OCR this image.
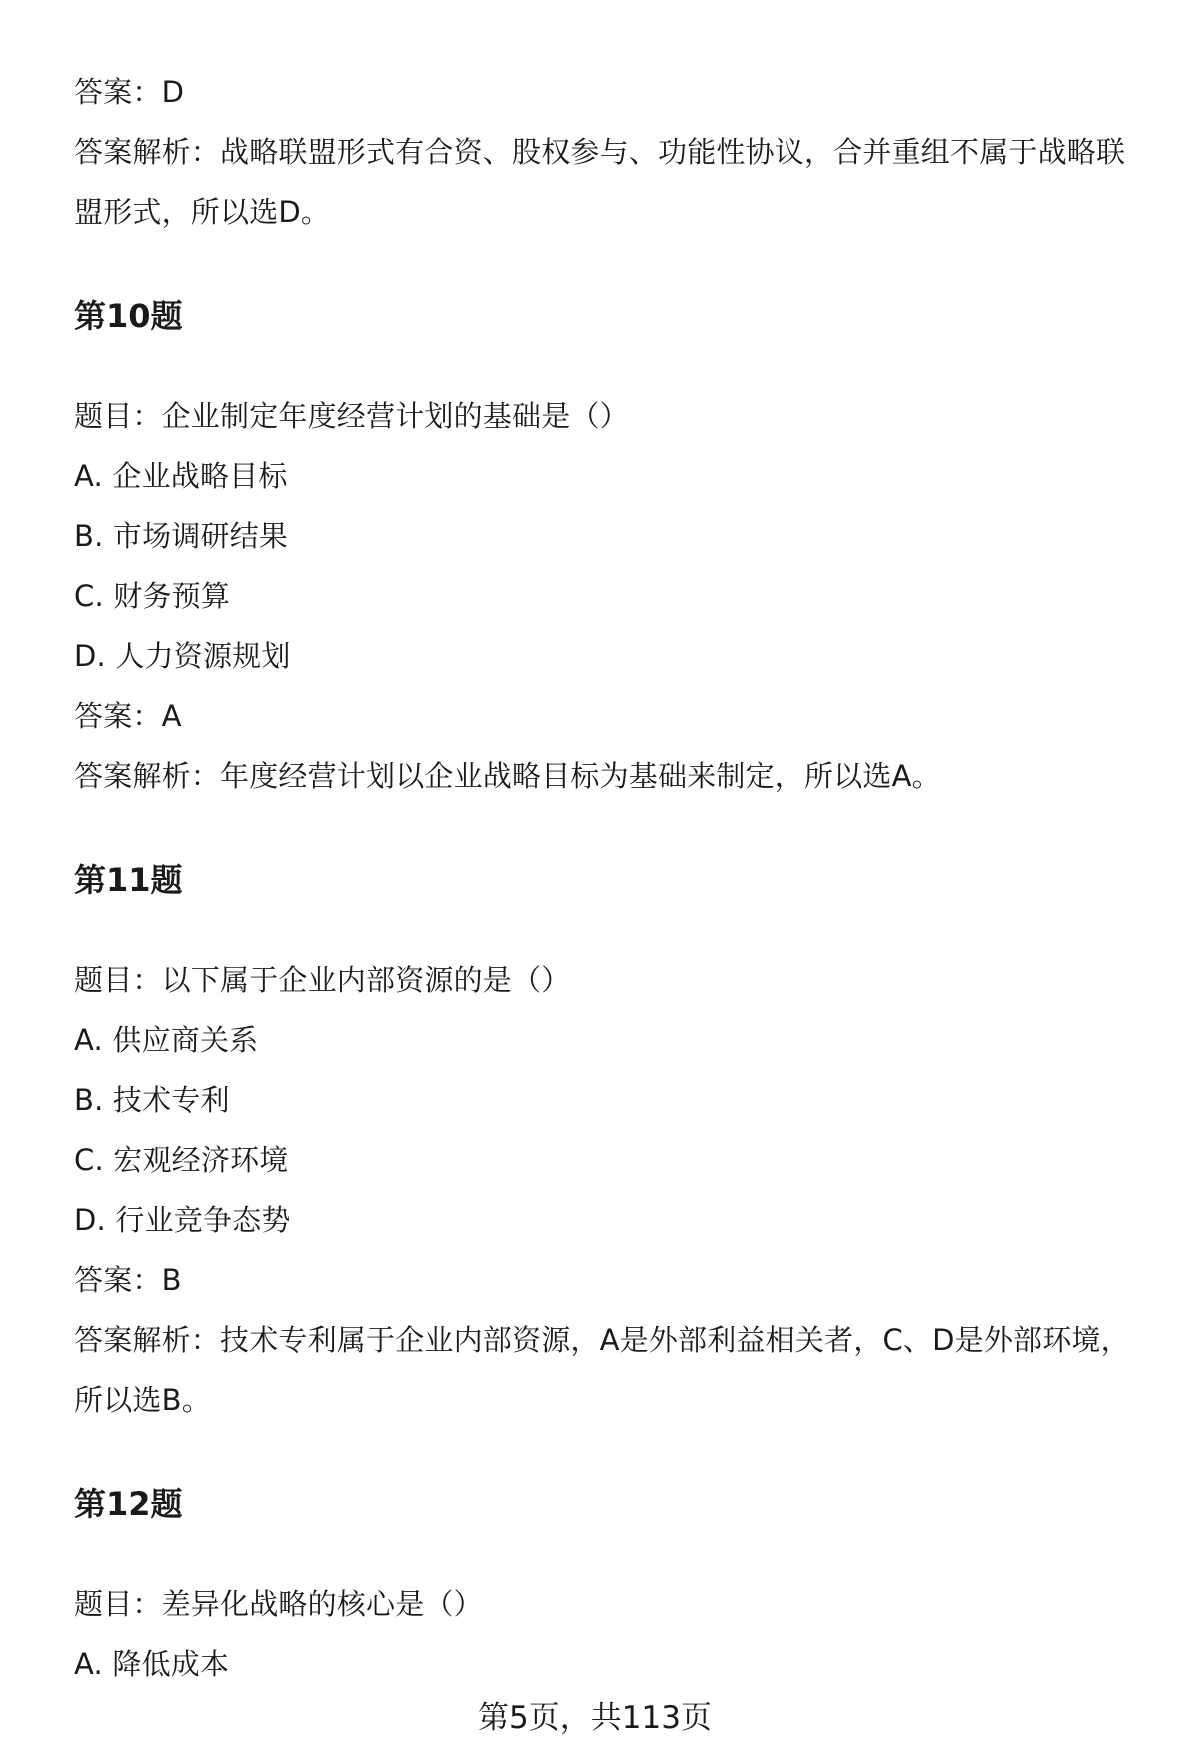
答案：D
答案解析：战略联盟形式有合资、股权参与、功能性协议，合并重组不属于战略联
盟形式，所以选D。
第10题
题目：企业制定年度经营计划的基础是（）
A. 企业战略目标
B. 市场调研结果
C. 财务预算
D. 人力资源规划
答案：A
答案解析：年度经营计划以企业战略目标为基础来制定，所以选A。
第11题
题目：以下属于企业内部资源的是（）
A. 供应商关系
B. 技术专利
C. 宏观经济环境
D. 行业竞争态势
答案：B
答案解析：技术专利属于企业内部资源，A是外部利益相关者，C、D是外部环境，
所以选B。
第12题
题目：差异化战略的核心是（）
A. 降低成本
第5页，共113页
